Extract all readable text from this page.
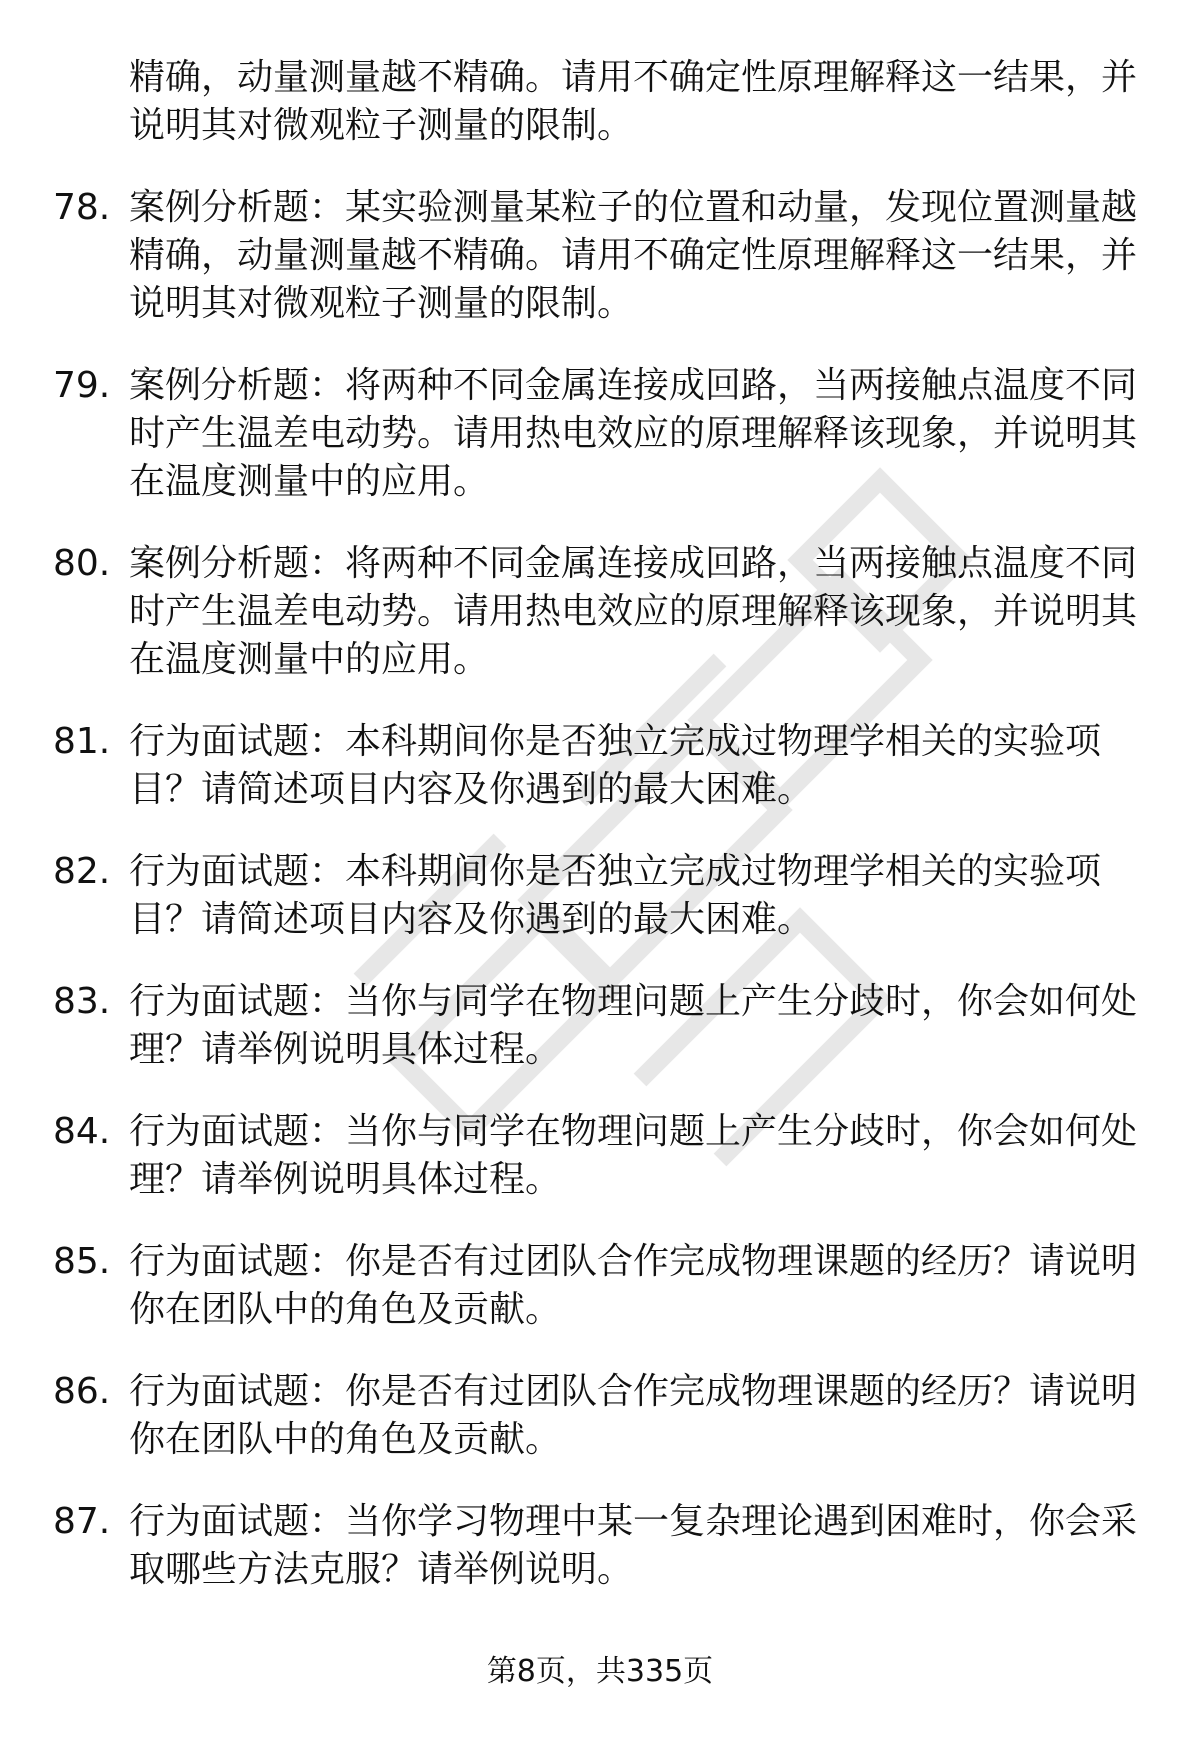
精确，动量测量越不精确。请用不确定性原理解释这一结果，并说明其对微观粒子测量的限制。
78. 案例分析题：某实验测量某粒子的位置和动量，发现位置测量越精确，动量测量越不精确。请用不确定性原理解释这一结果，并说明其对微观粒子测量的限制。
79. 案例分析题：将两种不同金属连接成回路，当两接触点温度不同时产生温差电动势。请用热电效应的原理解释该现象，并说明其在温度测量中的应用。
80. 案例分析题：将两种不同金属连接成回路，当两接触点温度不同时产生温差电动势。请用热电效应的原理解释该现象，并说明其在温度测量中的应用。
81. 行为面试题：本科期间你是否独立完成过物理学相关的实验项目？请简述项目内容及你遇到的最大困难。
82. 行为面试题：本科期间你是否独立完成过物理学相关的实验项目？请简述项目内容及你遇到的最大困难。
83. 行为面试题：当你与同学在物理问题上产生分歧时，你会如何处理？请举例说明具体过程。
84. 行为面试题：当你与同学在物理问题上产生分歧时，你会如何处理？请举例说明具体过程。
85. 行为面试题：你是否有过团队合作完成物理课题的经历？请说明你在团队中的角色及贡献。
86. 行为面试题：你是否有过团队合作完成物理课题的经历？请说明你在团队中的角色及贡献。
87. 行为面试题：当你学习物理中某一复杂理论遇到困难时，你会采取哪些方法克服？请举例说明。
第8页，共335页
